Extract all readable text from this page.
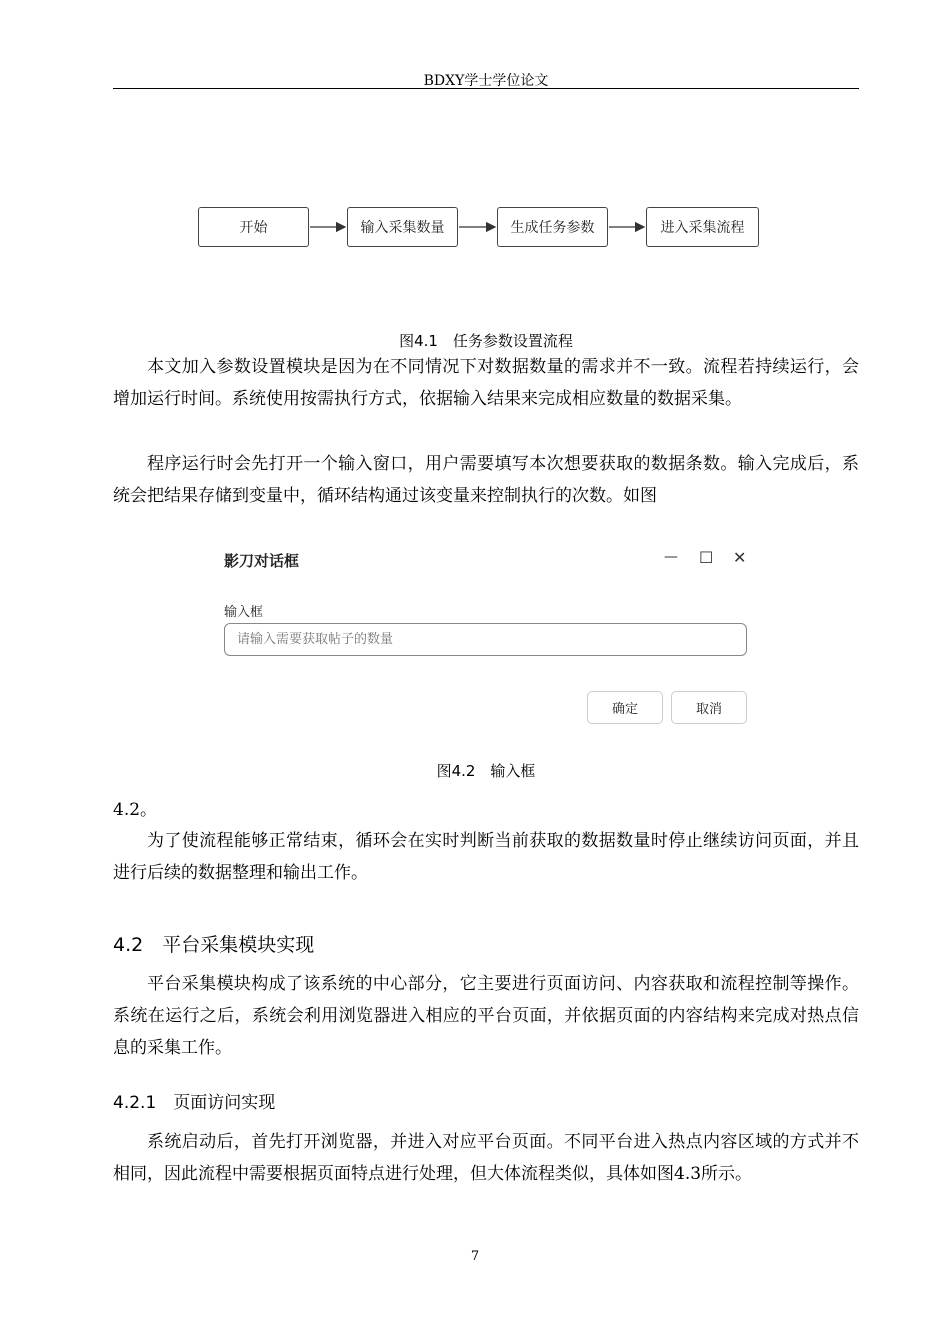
BDXY学士学位论文
开始	输入采集数量	生成任务参数	进入采集流程
图4.1　任务参数设置流程
本文加入参数设置模块是因为在不同情况下对数据数量的需求并不一致。流程若持续运行，会增加运行时间。系统使用按需执行方式，依据输入结果来完成相应数量的数据采集。
程序运行时会先打开一个输入窗口，用户需要填写本次想要获取的数据条数。输入完成后，系统会把结果存储到变量中，循环结构通过该变量来控制执行的次数。如图
影刀对话框	— ☐ ✕
输入框
请输入需要获取帖子的数量
确定	取消
图4.2　输入框
4.2。
为了使流程能够正常结束，循环会在实时判断当前获取的数据数量时停止继续访问页面，并且进行后续的数据整理和输出工作。
4.2　平台采集模块实现
平台采集模块构成了该系统的中心部分，它主要进行页面访问、内容获取和流程控制等操作。系统在运行之后，系统会利用浏览器进入相应的平台页面，并依据页面的内容结构来完成对热点信息的采集工作。
4.2.1　页面访问实现
系统启动后，首先打开浏览器，并进入对应平台页面。不同平台进入热点内容区域的方式并不相同，因此流程中需要根据页面特点进行处理，但大体流程类似，具体如图4.3所示。
7
